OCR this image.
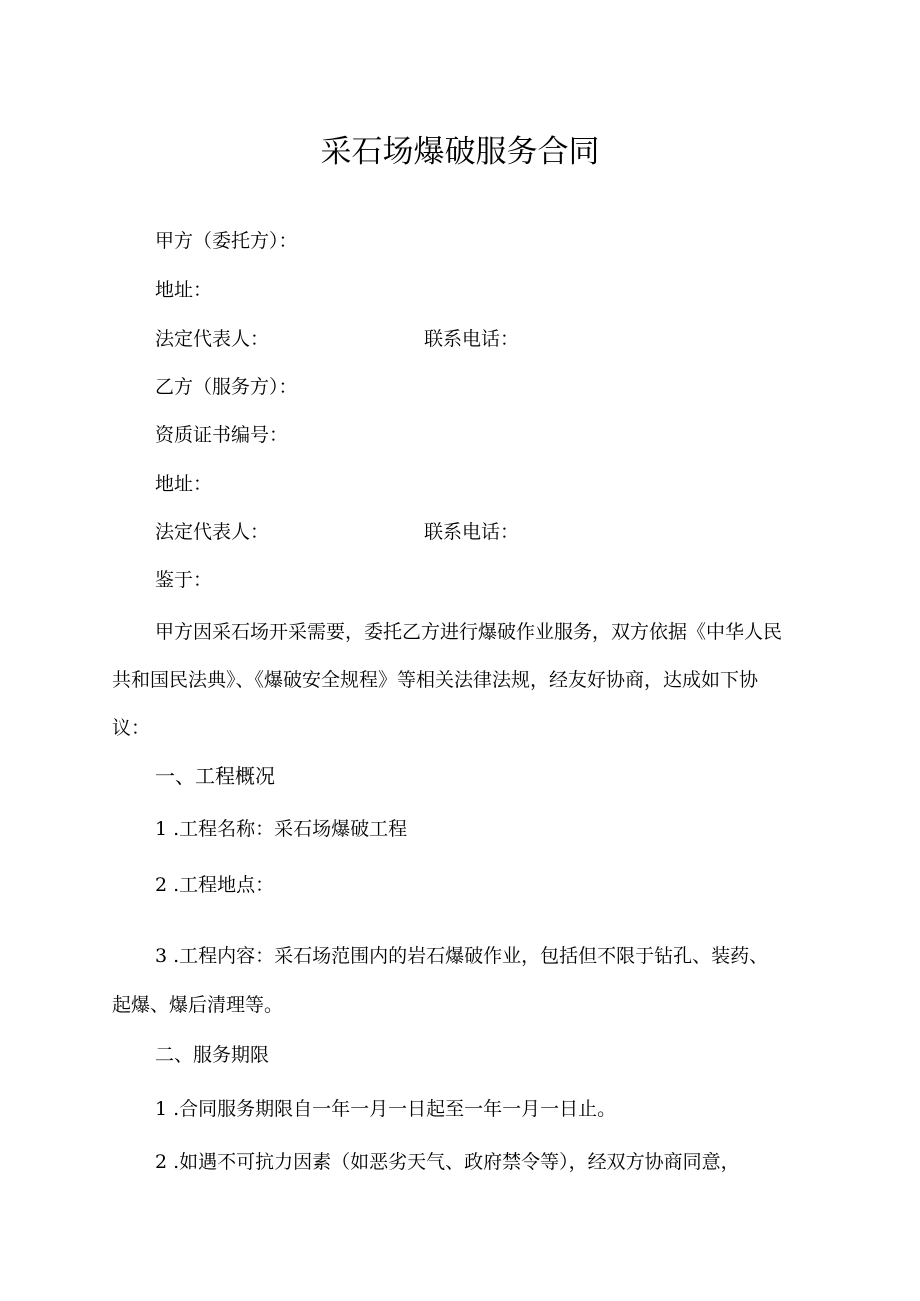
采石场爆破服务合同
甲方（委托方）：
地址：
法定代表人：	联系电话：
乙方（服务方）：
资质证书编号：
地址：
法定代表人：	联系电话：
鉴于：
甲方因采石场开采需要，委托乙方进行爆破作业服务，双方依据《中华人民
共和国民法典》、《爆破安全规程》等相关法律法规，经友好协商，达成如下协
议：
一、工程概况
1 .工程名称：采石场爆破工程
2 .工程地点：
3 .工程内容：采石场范围内的岩石爆破作业，包括但不限于钻孔、装药、
起爆、爆后清理等。
二、服务期限
1 .合同服务期限自一年一月一日起至一年一月一日止。
2 .如遇不可抗力因素（如恶劣天气、政府禁令等），经双方协商同意，
